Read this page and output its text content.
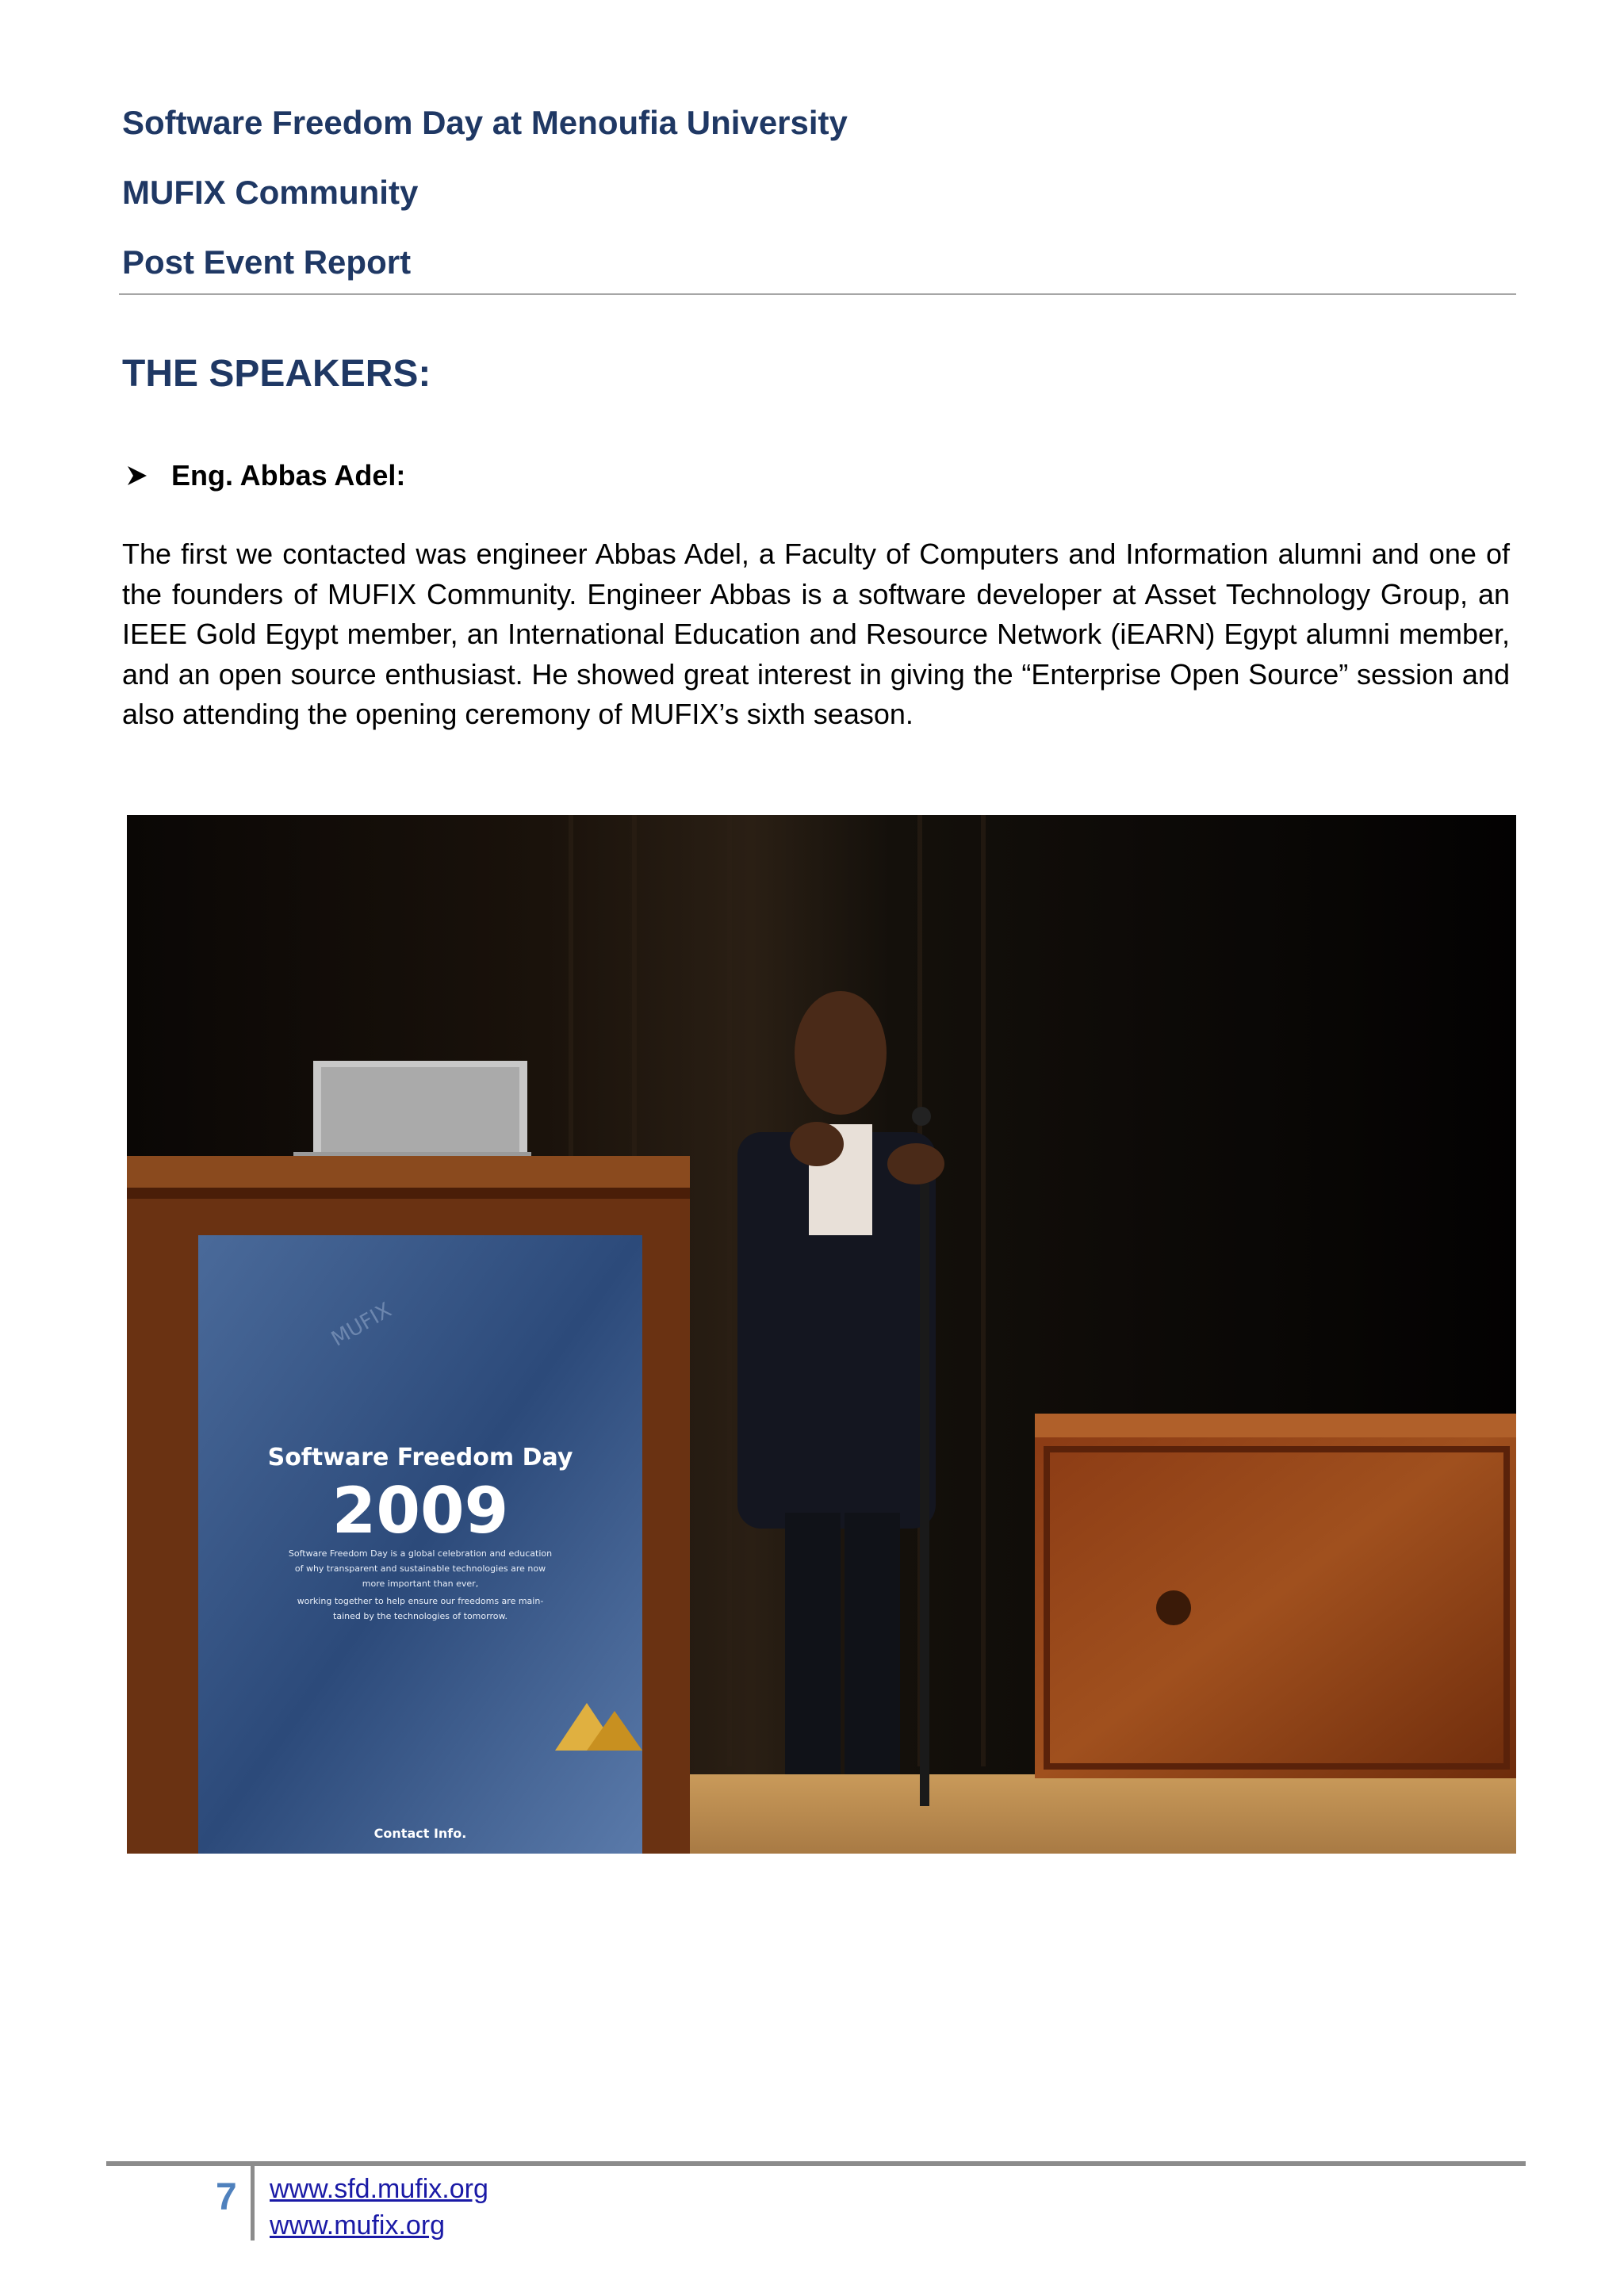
Software Freedom Day at Menoufia University
MUFIX Community
Post Event Report
THE SPEAKERS:
Eng. Abbas Adel:
The first we contacted was engineer Abbas Adel, a Faculty of Computers and Information alumni and one of the founders of MUFIX Community. Engineer Abbas is a software developer at Asset Technology Group, an IEEE Gold Egypt member, an International Education and Resource Network (iEARN) Egypt alumni member, and an open source enthusiast. He showed great interest in giving the “Enterprise Open Source” session and also attending the opening ceremony of MUFIX’s sixth season.
Software Freedom Day
2009
Software Freedom Day is a global celebration and education
of why transparent and sustainable technologies are now
more important than ever,
working together to help ensure our freedoms are main-
tained by the technologies of tomorrow.
MUFIX
Contact Info.
7 www.sfd.mufix.org
www.mufix.org
